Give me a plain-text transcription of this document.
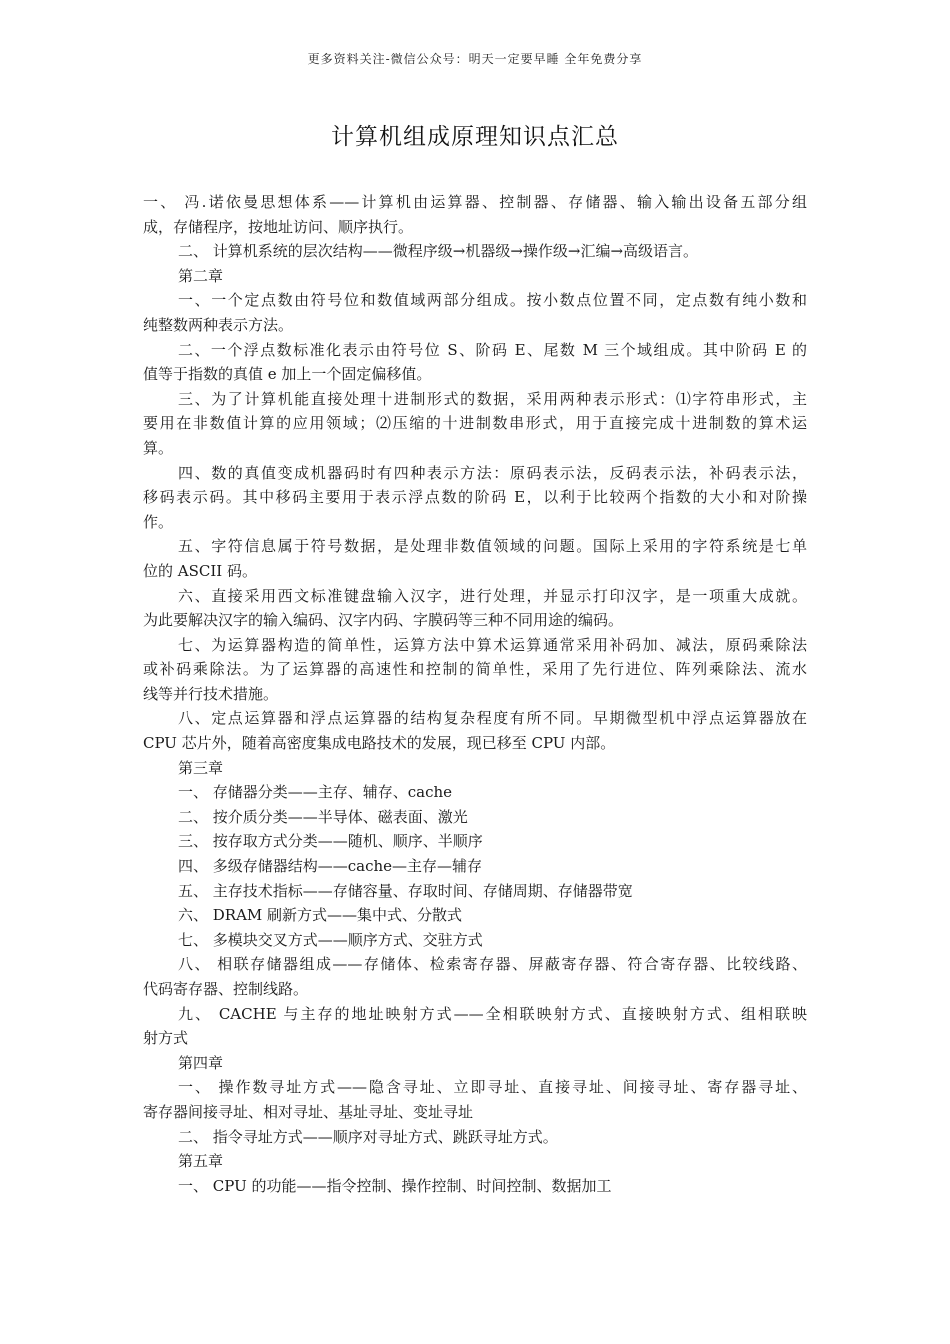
更多资料关注-微信公众号：明天一定要早睡 全年免费分享
计算机组成原理知识点汇总
一、 冯.诺依曼思想体系——计算机由运算器、控制器、存储器、输入输出设备五部分组
成，存储程序，按地址访问、顺序执行。
二、 计算机系统的层次结构——微程序级→机器级→操作级→汇编→高级语言。
第二章
一、一个定点数由符号位和数值域两部分组成。按小数点位置不同，定点数有纯小数和
纯整数两种表示方法。
二、一个浮点数标准化表示由符号位 S、阶码 E、尾数 M 三个域组成。其中阶码 E 的
值等于指数的真值 e 加上一个固定偏移值。
三、为了计算机能直接处理十进制形式的数据，采用两种表示形式：⑴字符串形式，主
要用在非数值计算的应用领域；⑵压缩的十进制数串形式，用于直接完成十进制数的算术运
算。
四、数的真值变成机器码时有四种表示方法：原码表示法，反码表示法，补码表示法，
移码表示码。其中移码主要用于表示浮点数的阶码 E，以利于比较两个指数的大小和对阶操
作。
五、字符信息属于符号数据，是处理非数值领域的问题。国际上采用的字符系统是七单
位的 ASCII 码。
六、直接采用西文标准键盘输入汉字，进行处理，并显示打印汉字，是一项重大成就。
为此要解决汉字的输入编码、汉字内码、字膜码等三种不同用途的编码。
七、为运算器构造的简单性，运算方法中算术运算通常采用补码加、减法，原码乘除法
或补码乘除法。为了运算器的高速性和控制的简单性，采用了先行进位、阵列乘除法、流水
线等并行技术措施。
八、定点运算器和浮点运算器的结构复杂程度有所不同。早期微型机中浮点运算器放在
CPU 芯片外，随着高密度集成电路技术的发展，现已移至 CPU 内部。
第三章
一、 存储器分类——主存、辅存、cache
二、 按介质分类——半导体、磁表面、激光
三、 按存取方式分类——随机、顺序、半顺序
四、 多级存储器结构——cache—主存—辅存
五、 主存技术指标——存储容量、存取时间、存储周期、存储器带宽
六、 DRAM 刷新方式——集中式、分散式
七、 多模块交叉方式——顺序方式、交驻方式
八、 相联存储器组成——存储体、检索寄存器、屏蔽寄存器、符合寄存器、比较线路、
代码寄存器、控制线路。
九、 CACHE 与主存的地址映射方式——全相联映射方式、直接映射方式、组相联映
射方式
第四章
一、 操作数寻址方式——隐含寻址、立即寻址、直接寻址、间接寻址、寄存器寻址、
寄存器间接寻址、相对寻址、基址寻址、变址寻址
二、 指令寻址方式——顺序对寻址方式、跳跃寻址方式。
第五章
一、 CPU 的功能——指令控制、操作控制、时间控制、数据加工
